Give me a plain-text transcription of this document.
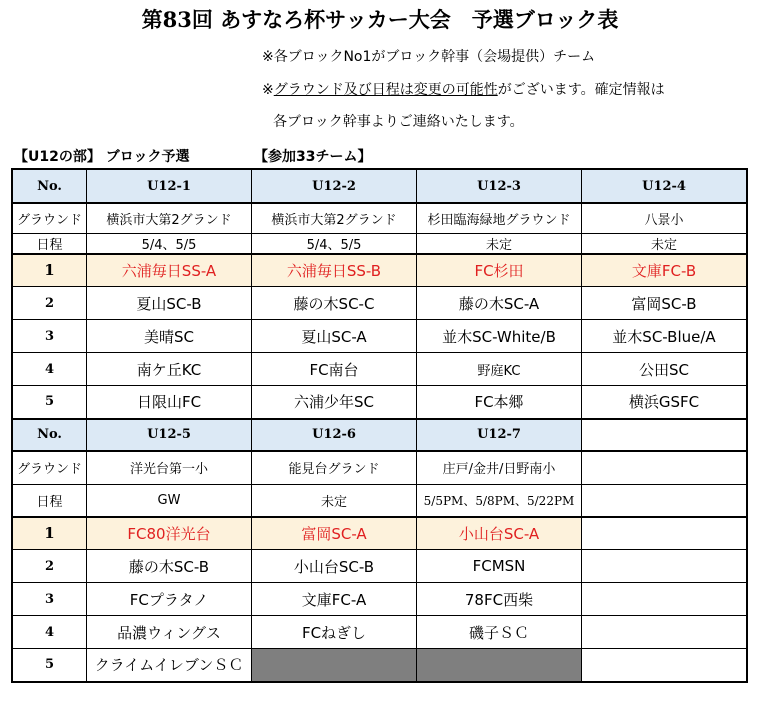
第83回 あすなろ杯サッカー大会　予選ブロック表
※各ブロックNo1がブロック幹事（会場提供）チーム
※グラウンド及び日程は変更の可能性がございます。確定情報は
各ブロック幹事よりご連絡いたします。
【U12の部】 ブロック予選	【参加33チーム】
No.	U12-1	U12-2	U12-3	U12-4
グラウンド	横浜市大第2グランド	横浜市大第2グランド	杉田臨海緑地グラウンド	八景小
日程	5/4、5/5	5/4、5/5	未定	未定
1	六浦毎日SS-A	六浦毎日SS-B	FC杉田	文庫FC-B
2	夏山SC-B	藤の木SC-C	藤の木SC-A	富岡SC-B
3	美晴SC	夏山SC-A	並木SC-White/B	並木SC-Blue/A
4	南ケ丘KC	FC南台	野庭KC	公田SC
5	日限山FC	六浦少年SC	FC本郷	横浜GSFC
No.	U12-5	U12-6	U12-7	
グラウンド	洋光台第一小	能見台グランド	庄戸/金井/日野南小	
日程	GW	未定	5/5PM、5/8PM、5/22PM	
1	FC80洋光台	富岡SC-A	小山台SC-A	
2	藤の木SC-B	小山台SC-B	FCMSN	
3	FCプラタノ	文庫FC-A	78FC西柴	
4	品濃ウィングス	FCねぎし	磯子ＳＣ	
5	クライムイレブンＳＣ			
